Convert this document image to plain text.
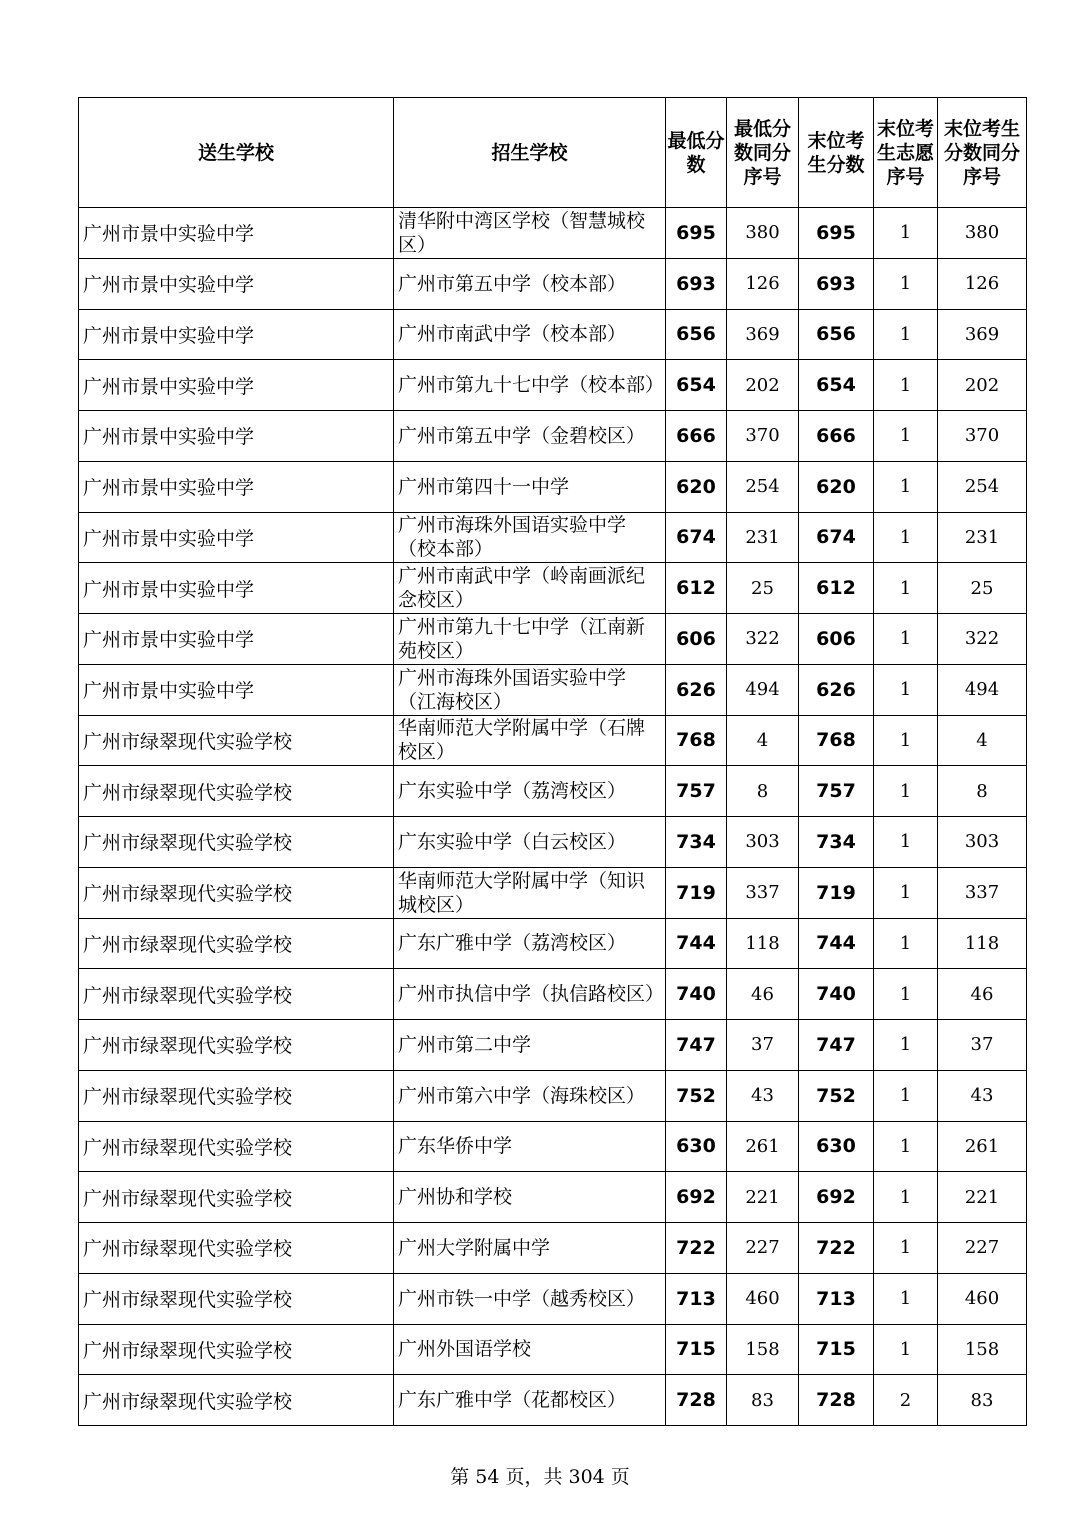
送生学校	招生学校	最低分数	最低分数同分序号	末位考生分数	末位考生志愿序号	末位考生分数同分序号
广州市景中实验中学	清华附中湾区学校（智慧城校区）	695	380	695	1	380
广州市景中实验中学	广州市第五中学（校本部）	693	126	693	1	126
广州市景中实验中学	广州市南武中学（校本部）	656	369	656	1	369
广州市景中实验中学	广州市第九十七中学（校本部）	654	202	654	1	202
广州市景中实验中学	广州市第五中学（金碧校区）	666	370	666	1	370
广州市景中实验中学	广州市第四十一中学	620	254	620	1	254
广州市景中实验中学	广州市海珠外国语实验中学（校本部）	674	231	674	1	231
广州市景中实验中学	广州市南武中学（岭南画派纪念校区）	612	25	612	1	25
广州市景中实验中学	广州市第九十七中学（江南新苑校区）	606	322	606	1	322
广州市景中实验中学	广州市海珠外国语实验中学（江海校区）	626	494	626	1	494
广州市绿翠现代实验学校	华南师范大学附属中学（石牌校区）	768	4	768	1	4
广州市绿翠现代实验学校	广东实验中学（荔湾校区）	757	8	757	1	8
广州市绿翠现代实验学校	广东实验中学（白云校区）	734	303	734	1	303
广州市绿翠现代实验学校	华南师范大学附属中学（知识城校区）	719	337	719	1	337
广州市绿翠现代实验学校	广东广雅中学（荔湾校区）	744	118	744	1	118
广州市绿翠现代实验学校	广州市执信中学（执信路校区）	740	46	740	1	46
广州市绿翠现代实验学校	广州市第二中学	747	37	747	1	37
广州市绿翠现代实验学校	广州市第六中学（海珠校区）	752	43	752	1	43
广州市绿翠现代实验学校	广东华侨中学	630	261	630	1	261
广州市绿翠现代实验学校	广州协和学校	692	221	692	1	221
广州市绿翠现代实验学校	广州大学附属中学	722	227	722	1	227
广州市绿翠现代实验学校	广州市铁一中学（越秀校区）	713	460	713	1	460
广州市绿翠现代实验学校	广州外国语学校	715	158	715	1	158
广州市绿翠现代实验学校	广东广雅中学（花都校区）	728	83	728	2	83
第 54 页，共 304 页
